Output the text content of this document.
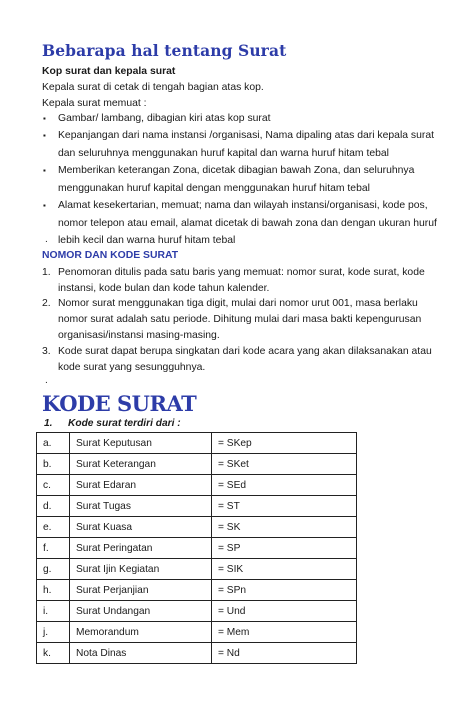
Bebarapa hal tentang Surat
Kop surat dan kepala surat
Kepala surat di cetak di tengah bagian atas kop.
Kepala surat memuat :
▪ Gambar/ lambang, dibagian kiri atas kop surat
▪ Kepanjangan dari nama instansi /organisasi, Nama dipaling atas dari kepala surat dan seluruhnya menggunakan huruf kapital dan warna huruf hitam tebal
▪ Memberikan keterangan Zona, dicetak dibagian bawah Zona, dan seluruhnya menggunakan huruf kapital dengan menggunakan huruf hitam tebal
▪ Alamat kesekertarian, memuat; nama dan wilayah instansi/organisasi, kode pos, nomor telepon atau email, alamat dicetak di bawah zona dan dengan ukuran huruf lebih kecil dan warna huruf hitam tebal
.
NOMOR DAN KODE SURAT
1. Penomoran ditulis pada satu baris yang memuat: nomor surat, kode surat, kode instansi, kode bulan dan kode tahun kalender.
2. Nomor surat menggunakan tiga digit, mulai dari nomor urut 001, masa berlaku nomor surat adalah satu periode. Dihitung mulai dari masa bakti kepengurusan organisasi/instansi masing-masing.
3. Kode surat dapat berupa singkatan dari kode acara yang akan dilaksanakan atau kode surat yang sesungguhnya.
.
KODE SURAT
1. Kode surat terdiri dari :
a.	Surat Keputusan	= SKep
b.	Surat Keterangan	= SKet
c.	Surat Edaran	= SEd
d.	Surat Tugas	= ST
e.	Surat Kuasa	= SK
f.	Surat Peringatan	= SP
g.	Surat Ijin Kegiatan	= SIK
h.	Surat Perjanjian	= SPn
i.	Surat Undangan	= Und
j.	Memorandum	= Mem
k.	Nota Dinas	= Nd
